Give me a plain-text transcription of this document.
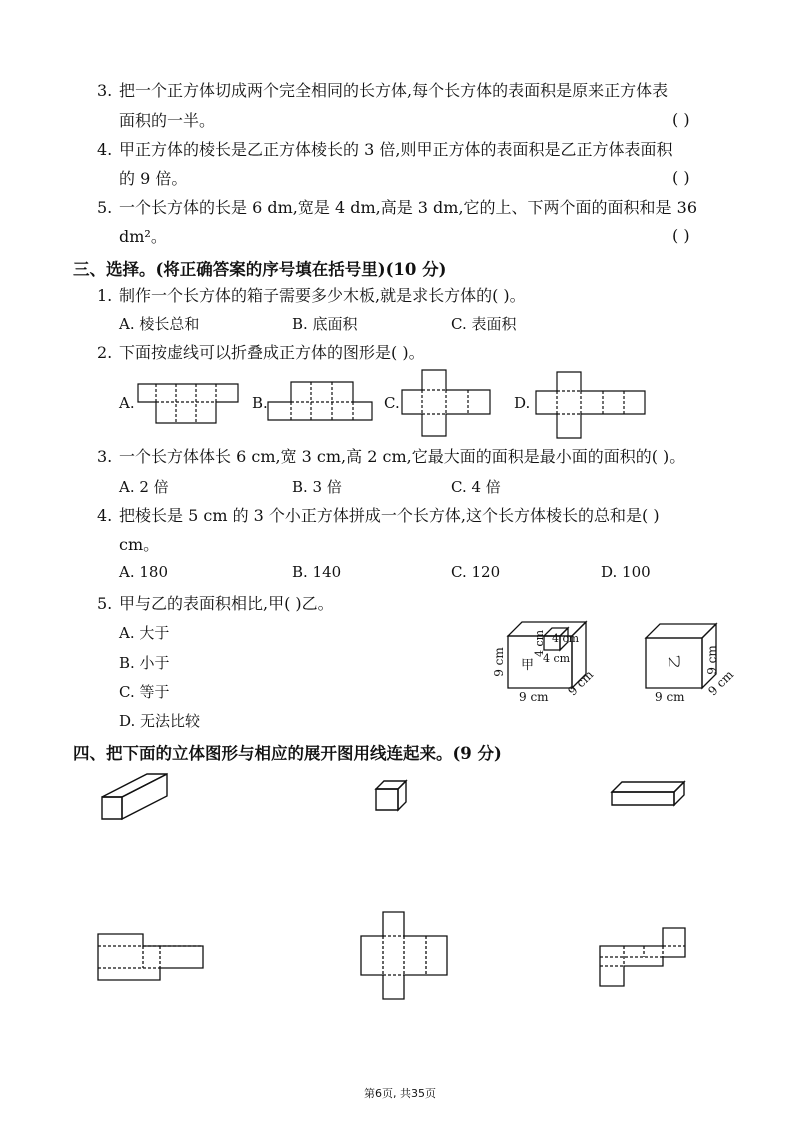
3. 把一个正方体切成两个完全相同的长方体,每个长方体的表面积是原来正方体表
面积的一半。	( )
4. 甲正方体的棱长是乙正方体棱长的 3 倍,则甲正方体的表面积是乙正方体表面积
的 9 倍。	( )
5. 一个长方体的长是 6 dm,宽是 4 dm,高是 3 dm,它的上、下两个面的面积和是 36
dm²。	( )
三、选择。(将正确答案的序号填在括号里)(10 分)
1. 制作一个长方体的箱子需要多少木板,就是求长方体的( )。
A. 棱长总和	B. 底面积	C. 表面积
2. 下面按虚线可以折叠成正方体的图形是( )。
A.	B.	C.	D.
3. 一个长方体体长 6 cm,宽 3 cm,高 2 cm,它最大面的面积是最小面的面积的( )。
A. 2 倍	B. 3 倍	C. 4 倍
4. 把棱长是 5 cm 的 3 个小正方体拼成一个长方体,这个长方体棱长的总和是( )
cm。
A. 180	B. 140	C. 120	D. 100
5. 甲与乙的表面积相比,甲( )乙。
A. 大于
B. 小于
C. 等于
D. 无法比较
甲	乙
9 cm
9 cm
9 cm
4 cm
4 cm
4 cm
9 cm
9 cm
9 cm
四、把下面的立体图形与相应的展开图用线连起来。(9 分)
第6页, 共35页
